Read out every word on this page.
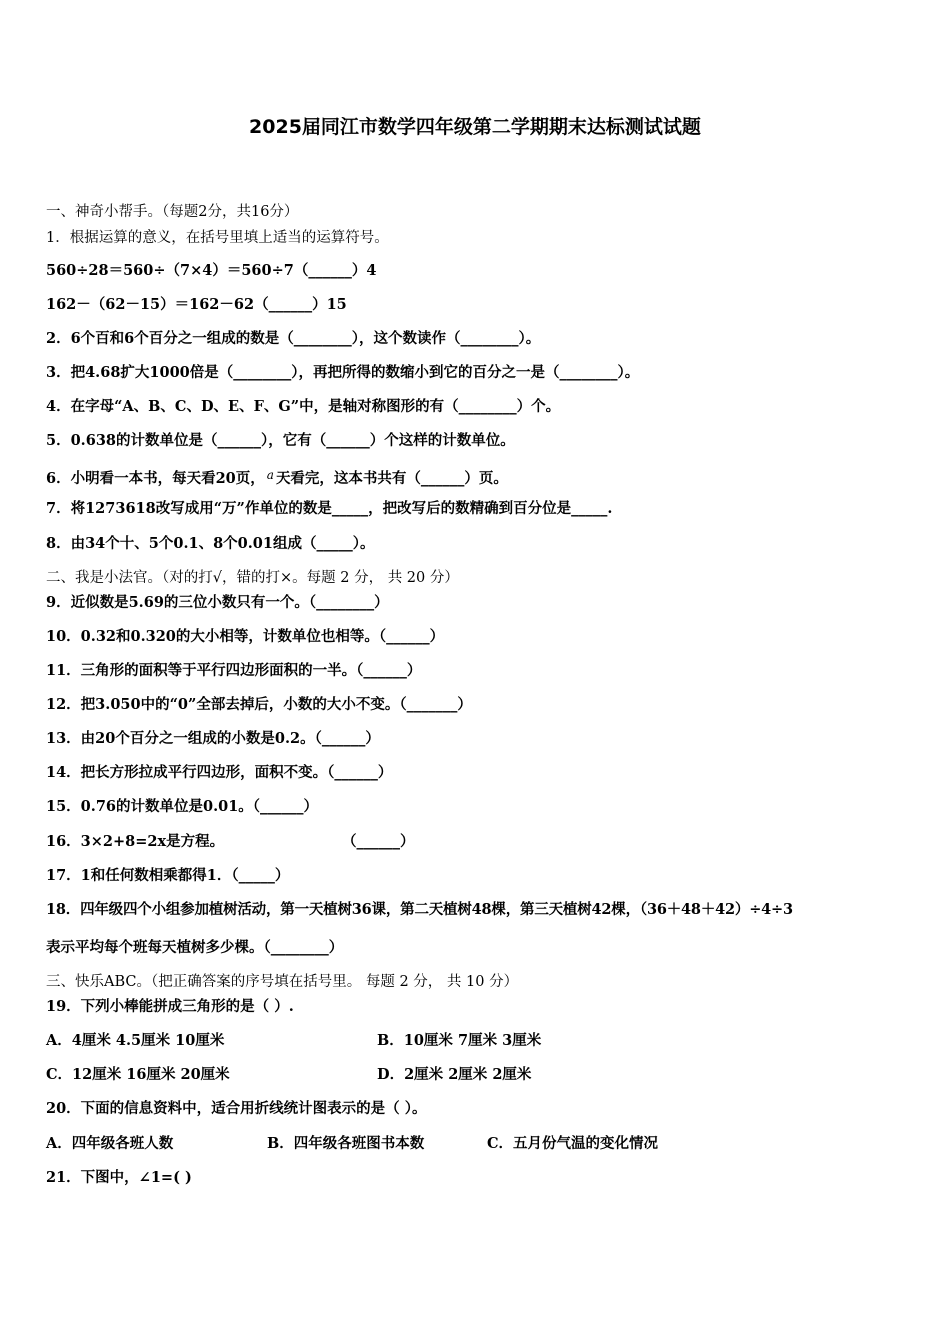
2025届同江市数学四年级第二学期期末达标测试试题
一、神奇小帮手。（每题2分，共16分）
1．根据运算的意义，在括号里填上适当的运算符号。
560÷28＝560÷（7×4）＝560÷7（______）4
162－（62－15）＝162－62（______）15
2．6个百和6个百分之一组成的数是（________），这个数读作（________）。
3．把4.68扩大1000倍是（________），再把所得的数缩小到它的百分之一是（________）。
4．在字母“A、B、C、D、E、F、G”中，是轴对称图形的有（________）个。
5．0.638的计数单位是（______），它有（______）个这样的计数单位。
6．小明看一本书，每天看20页， $^a$ 天看完，这本书共有（______）页。
7．将1273618改写成用“万”作单位的数是_____，把改写后的数精确到百分位是_____.
8．由34个十、5个0.1、8个0.01组成（_____）。
二、我是小法官。（对的打√，错的打×。每题 2 分， 共 20 分）
9．近似数是5.69的三位小数只有一个。（________）
10．0.32和0.320的大小相等，计数单位也相等。（______）
11．三角形的面积等于平行四边形面积的一半。（______）
12．把3.050中的“0”全部去掉后，小数的大小不变。（_______）
13．由20个百分之一组成的小数是0.2。（______）
14．把长方形拉成平行四边形，面积不变。（______）
15．0.76的计数单位是0.01。（______）
16．3×2+8=2x是方程。	（______）
17．1和任何数相乘都得1．（_____）
18．四年级四个小组参加植树活动，第一天植树36课，第二天植树48棵，第三天植树42棵，（36＋48＋42）÷4÷3
表示平均每个班每天植树多少棵。（________）
三、快乐ABC。（把正确答案的序号填在括号里。 每题 2 分， 共 10 分）
19．下列小棒能拼成三角形的是（ ）.
A．4厘米 4.5厘米 10厘米	B．10厘米 7厘米 3厘米
C．12厘米 16厘米 20厘米	D．2厘米 2厘米 2厘米
20．下面的信息资料中，适合用折线统计图表示的是（ ）。
A．四年级各班人数	B．四年级各班图书本数	C．五月份气温的变化情况
21．下图中，∠1=( )
